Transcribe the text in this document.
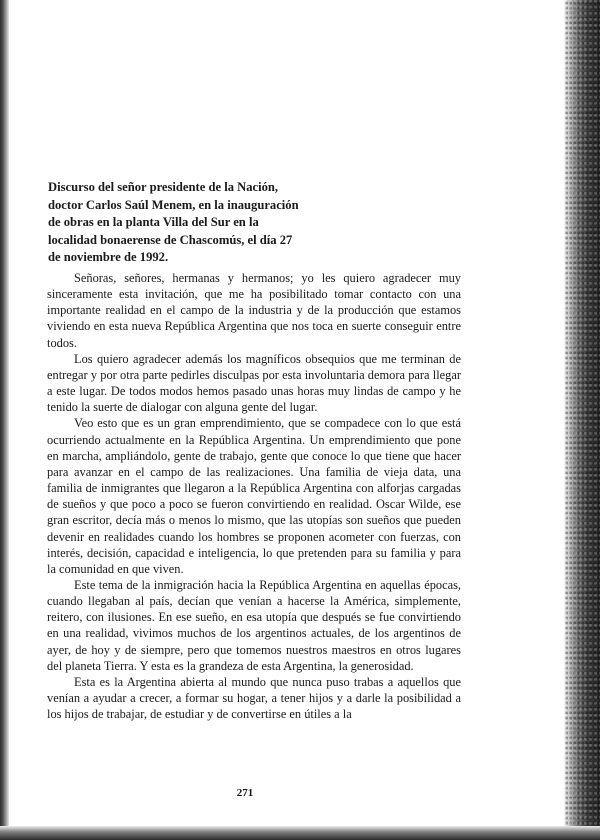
Discurso del señor presidente de la Nación,
doctor Carlos Saúl Menem, en la inauguración
de obras en la planta Villa del Sur en la
localidad bonaerense de Chascomús, el día 27
de noviembre de 1992.

Señoras, señores, hermanas y hermanos; yo les quiero agradecer muy sinceramente esta invitación, que me ha posibilitado tomar contacto con una importante realidad en el campo de la industria y de la producción que estamos viviendo en esta nueva República Argentina que nos toca en suerte conseguir entre todos.

Los quiero agradecer además los magníficos obsequios que me terminan de entregar y por otra parte pedirles disculpas por esta involuntaria demora para llegar a este lugar. De todos modos hemos pasado unas horas muy lindas de campo y he tenido la suerte de dialogar con alguna gente del lugar.

Veo esto que es un gran emprendimiento, que se compadece con lo que está ocurriendo actualmente en la República Argentina. Un emprendimiento que pone en marcha, ampliándolo, gente de trabajo, gente que conoce lo que tiene que hacer para avanzar en el campo de las realizaciones. Una familia de vieja data, una familia de inmigrantes que llegaron a la República Argentina con alforjas cargadas de sueños y que poco a poco se fueron convirtiendo en realidad. Oscar Wilde, ese gran escritor, decía más o menos lo mismo, que las utopías son sueños que pueden devenir en realidades cuando los hombres se proponen acometer con fuerzas, con interés, decisión, capacidad e inteligencia, lo que pretenden para su familia y para la comunidad en que viven.

Este tema de la inmigración hacia la República Argentina en aquellas épocas, cuando llegaban al país, decían que venían a hacerse la América, simplemente, reitero, con ilusiones. En ese sueño, en esa utopía que después se fue convirtiendo en una realidad, vivimos muchos de los argentinos actuales, de los argentinos de ayer, de hoy y de siempre, pero que tomemos nuestros maestros en otros lugares del planeta Tierra. Y esta es la grandeza de esta Argentina, la generosidad.

Esta es la Argentina abierta al mundo que nunca puso trabas a aquellos que venían a ayudar a crecer, a formar su hogar, a tener hijos y a darle la posibilidad a los hijos de trabajar, de estudiar y de convertirse en útiles a la

271
